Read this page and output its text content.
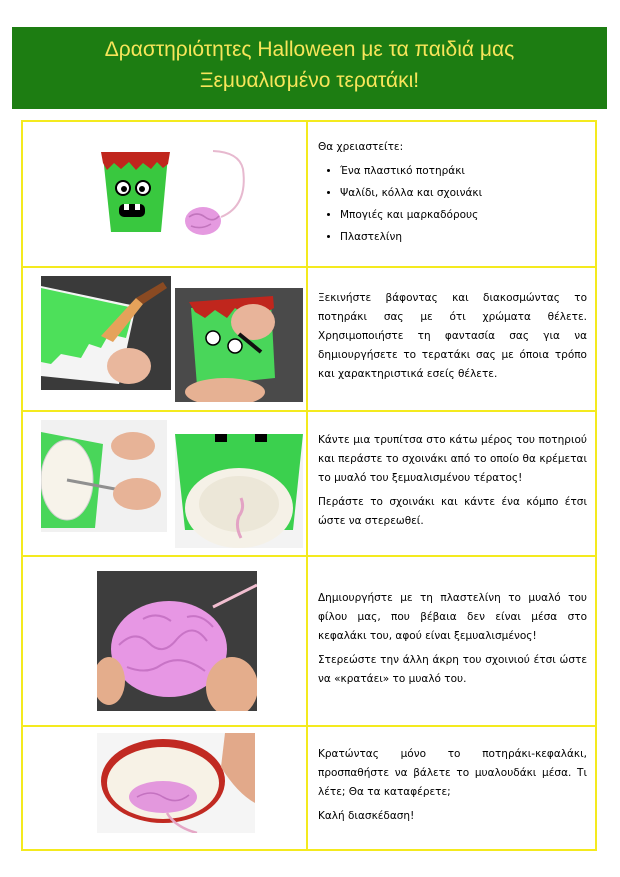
Δραστηριότητες Halloween με τα παιδιά μας
Ξεμυαλισμένο τερατάκι!

Θα χρειαστείτε:

• Ένα πλαστικό ποτηράκι
• Ψαλίδι, κόλλα και σχοινάκι
• Μπογιές και μαρκαδόρους
• Πλαστελίνη

Ξεκινήστε βάφοντας και διακοσμώντας το ποτηράκι σας με ότι χρώματα θέλετε. Χρησιμοποιήστε τη φαντασία σας για να δημιουργήσετε το τερατάκι σας με όποια τρόπο και χαρακτηριστικά εσείς θέλετε.

Κάντε μια τρυπίτσα στο κάτω μέρος του ποτηριού και περάστε το σχοινάκι από το οποίο θα κρέμεται το μυαλό του ξεμυαλισμένου τέρατος!

Περάστε το σχοινάκι και κάντε ένα κόμπο έτσι ώστε να στερεωθεί.

Δημιουργήστε με τη πλαστελίνη το μυαλό του φίλου μας, που βέβαια δεν είναι μέσα στο κεφαλάκι του, αφού είναι ξεμυαλισμένος!

Στερεώστε την άλλη άκρη του σχοινιού έτσι ώστε να «κρατάει» το μυαλό του.

Κρατώντας μόνο το ποτηράκι-κεφαλάκι, προσπαθήστε να βάλετε το μυαλουδάκι μέσα. Τι λέτε; Θα τα καταφέρετε;

Καλή διασκέδαση!
